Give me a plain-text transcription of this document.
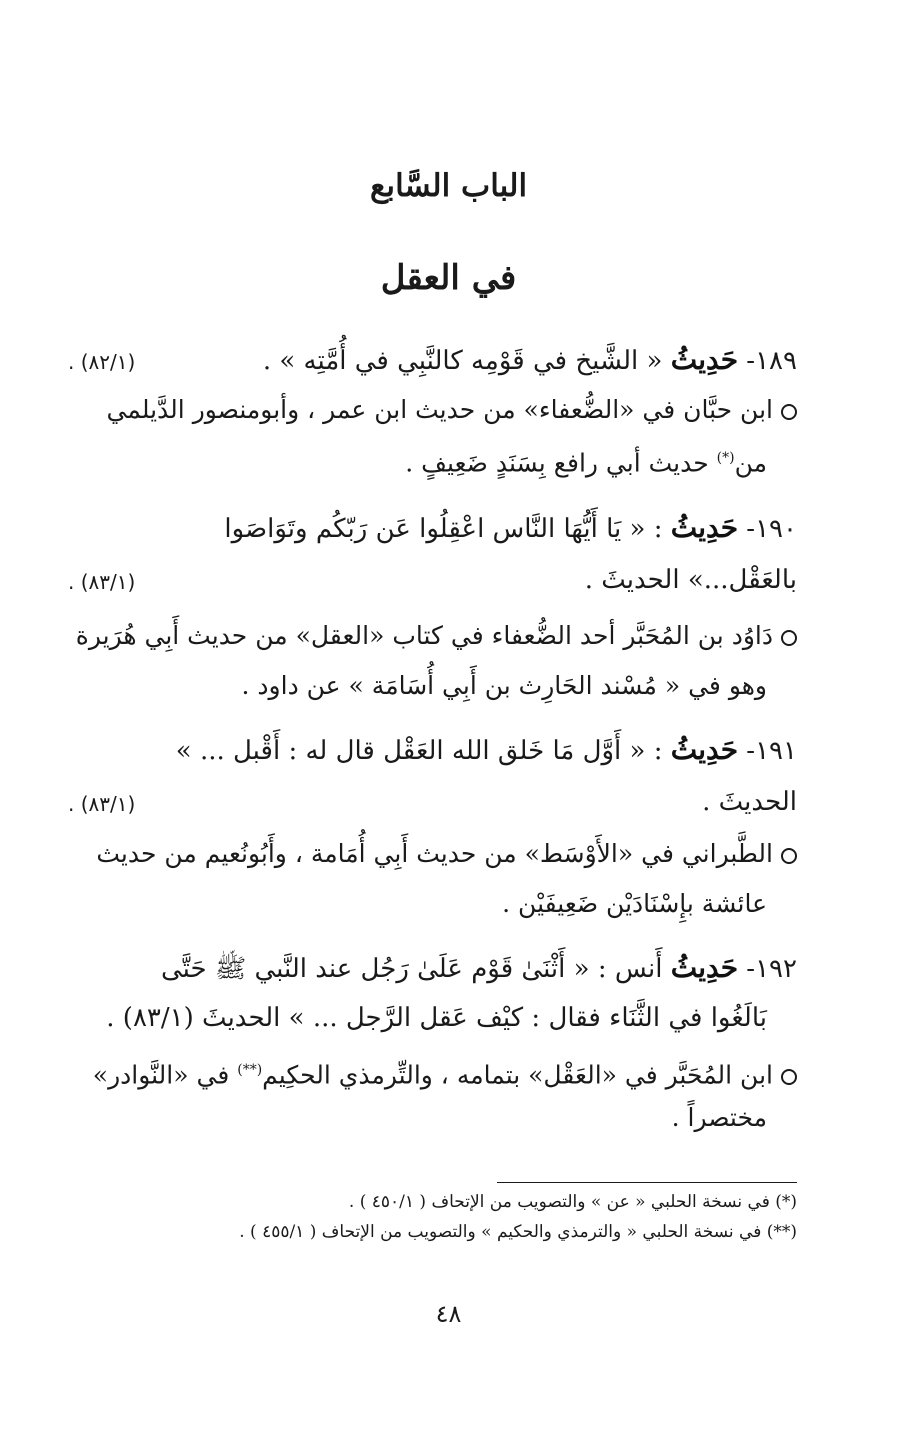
الباب السَّابع
في العقل
١٨٩- حَدِيثُ « الشَّيخ في قَوْمِه كالنَّبِي في أُمَّتِه » .
(٨٢/١) .
ابن حبَّان في «الضُّعفاء» من حديث ابن عمر ، وأبومنصور الدَّيلمي
من(*) حديث أبي رافع بِسَنَدٍ ضَعِيفٍ .
١٩٠- حَدِيثُ : « يَا أَيُّهَا النَّاس اعْقِلُوا عَن رَبّكُم وتَوَاصَوا
بالعَقْل...» الحديثَ .
(٨٣/١) .
دَاوُد بن المُحَبَّر أحد الضُّعفاء في كتاب «العقل» من حديث أَبِي هُرَيرة
وهو في « مُسْند الحَارِث بن أَبِي أُسَامَة » عن داود .
١٩١- حَدِيثُ : « أَوَّل مَا خَلق الله العَقْل قال له : أَقْبل ... »
الحديثَ .
(٨٣/١) .
الطَّبراني في «الأَوْسَط» من حديث أَبِي أُمَامة ، وأَبُونُعيم من حديث
عائشة بإِسْنَادَيْن ضَعِيفَيْن .
١٩٢- حَدِيثُ أَنس : « أَثْنَىٰ قَوْم عَلَىٰ رَجُل عند النَّبي ﷺ حَتَّى
بَالَغُوا في الثَّنَاء فقال : كيْف عَقل الرَّجل ... » الحديثَ (٨٣/١) .
ابن المُحَبَّر في «العَقْل» بتمامه ، والتِّرمذي الحكِيم(**) في «النَّوادر»
مختصراً .
(*) في نسخة الحلبي « عن » والتصويب من الإتحاف ( ٤٥٠/١ ) .
(**) في نسخة الحلبي « والترمذي والحكيم » والتصويب من الإتحاف ( ٤٥٥/١ ) .
٤٨
